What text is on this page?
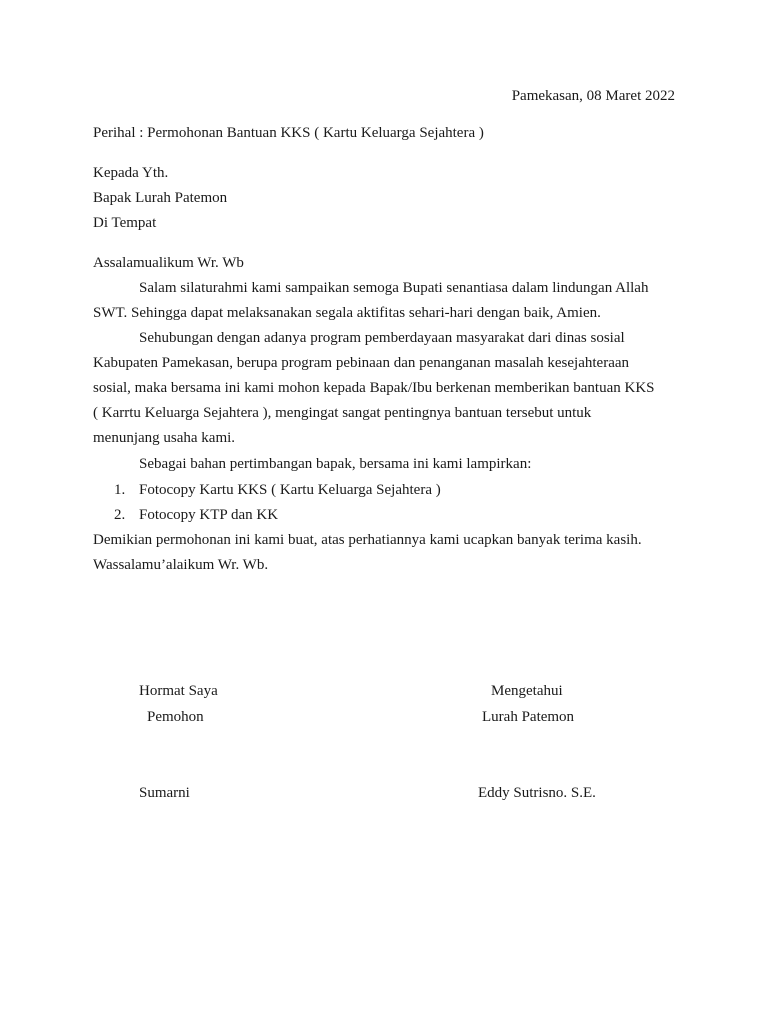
Pamekasan, 08 Maret 2022
Perihal : Permohonan Bantuan KKS ( Kartu Keluarga Sejahtera )
Kepada Yth.
Bapak Lurah Patemon
Di Tempat
Assalamualikum Wr. Wb
Salam silaturahmi kami sampaikan semoga Bupati senantiasa dalam lindungan Allah
SWT. Sehingga dapat melaksanakan segala aktifitas sehari-hari dengan baik, Amien.
Sehubungan dengan adanya program pemberdayaan masyarakat dari dinas sosial
Kabupaten Pamekasan, berupa program pebinaan dan penanganan masalah kesejahteraan
sosial, maka bersama ini kami mohon kepada Bapak/Ibu berkenan memberikan bantuan KKS
( Karrtu Keluarga Sejahtera ), mengingat sangat pentingnya bantuan tersebut untuk
menunjang usaha kami.
Sebagai bahan pertimbangan bapak, bersama ini kami lampirkan:
1. Fotocopy Kartu KKS ( Kartu Keluarga Sejahtera )
2. Fotocopy KTP dan KK
Demikian permohonan ini kami buat, atas perhatiannya kami ucapkan banyak terima kasih.
Wassalamu’alaikum Wr. Wb.
Hormat Saya
Pemohon
Sumarni
Mengetahui
Lurah Patemon
Eddy Sutrisno. S.E.
